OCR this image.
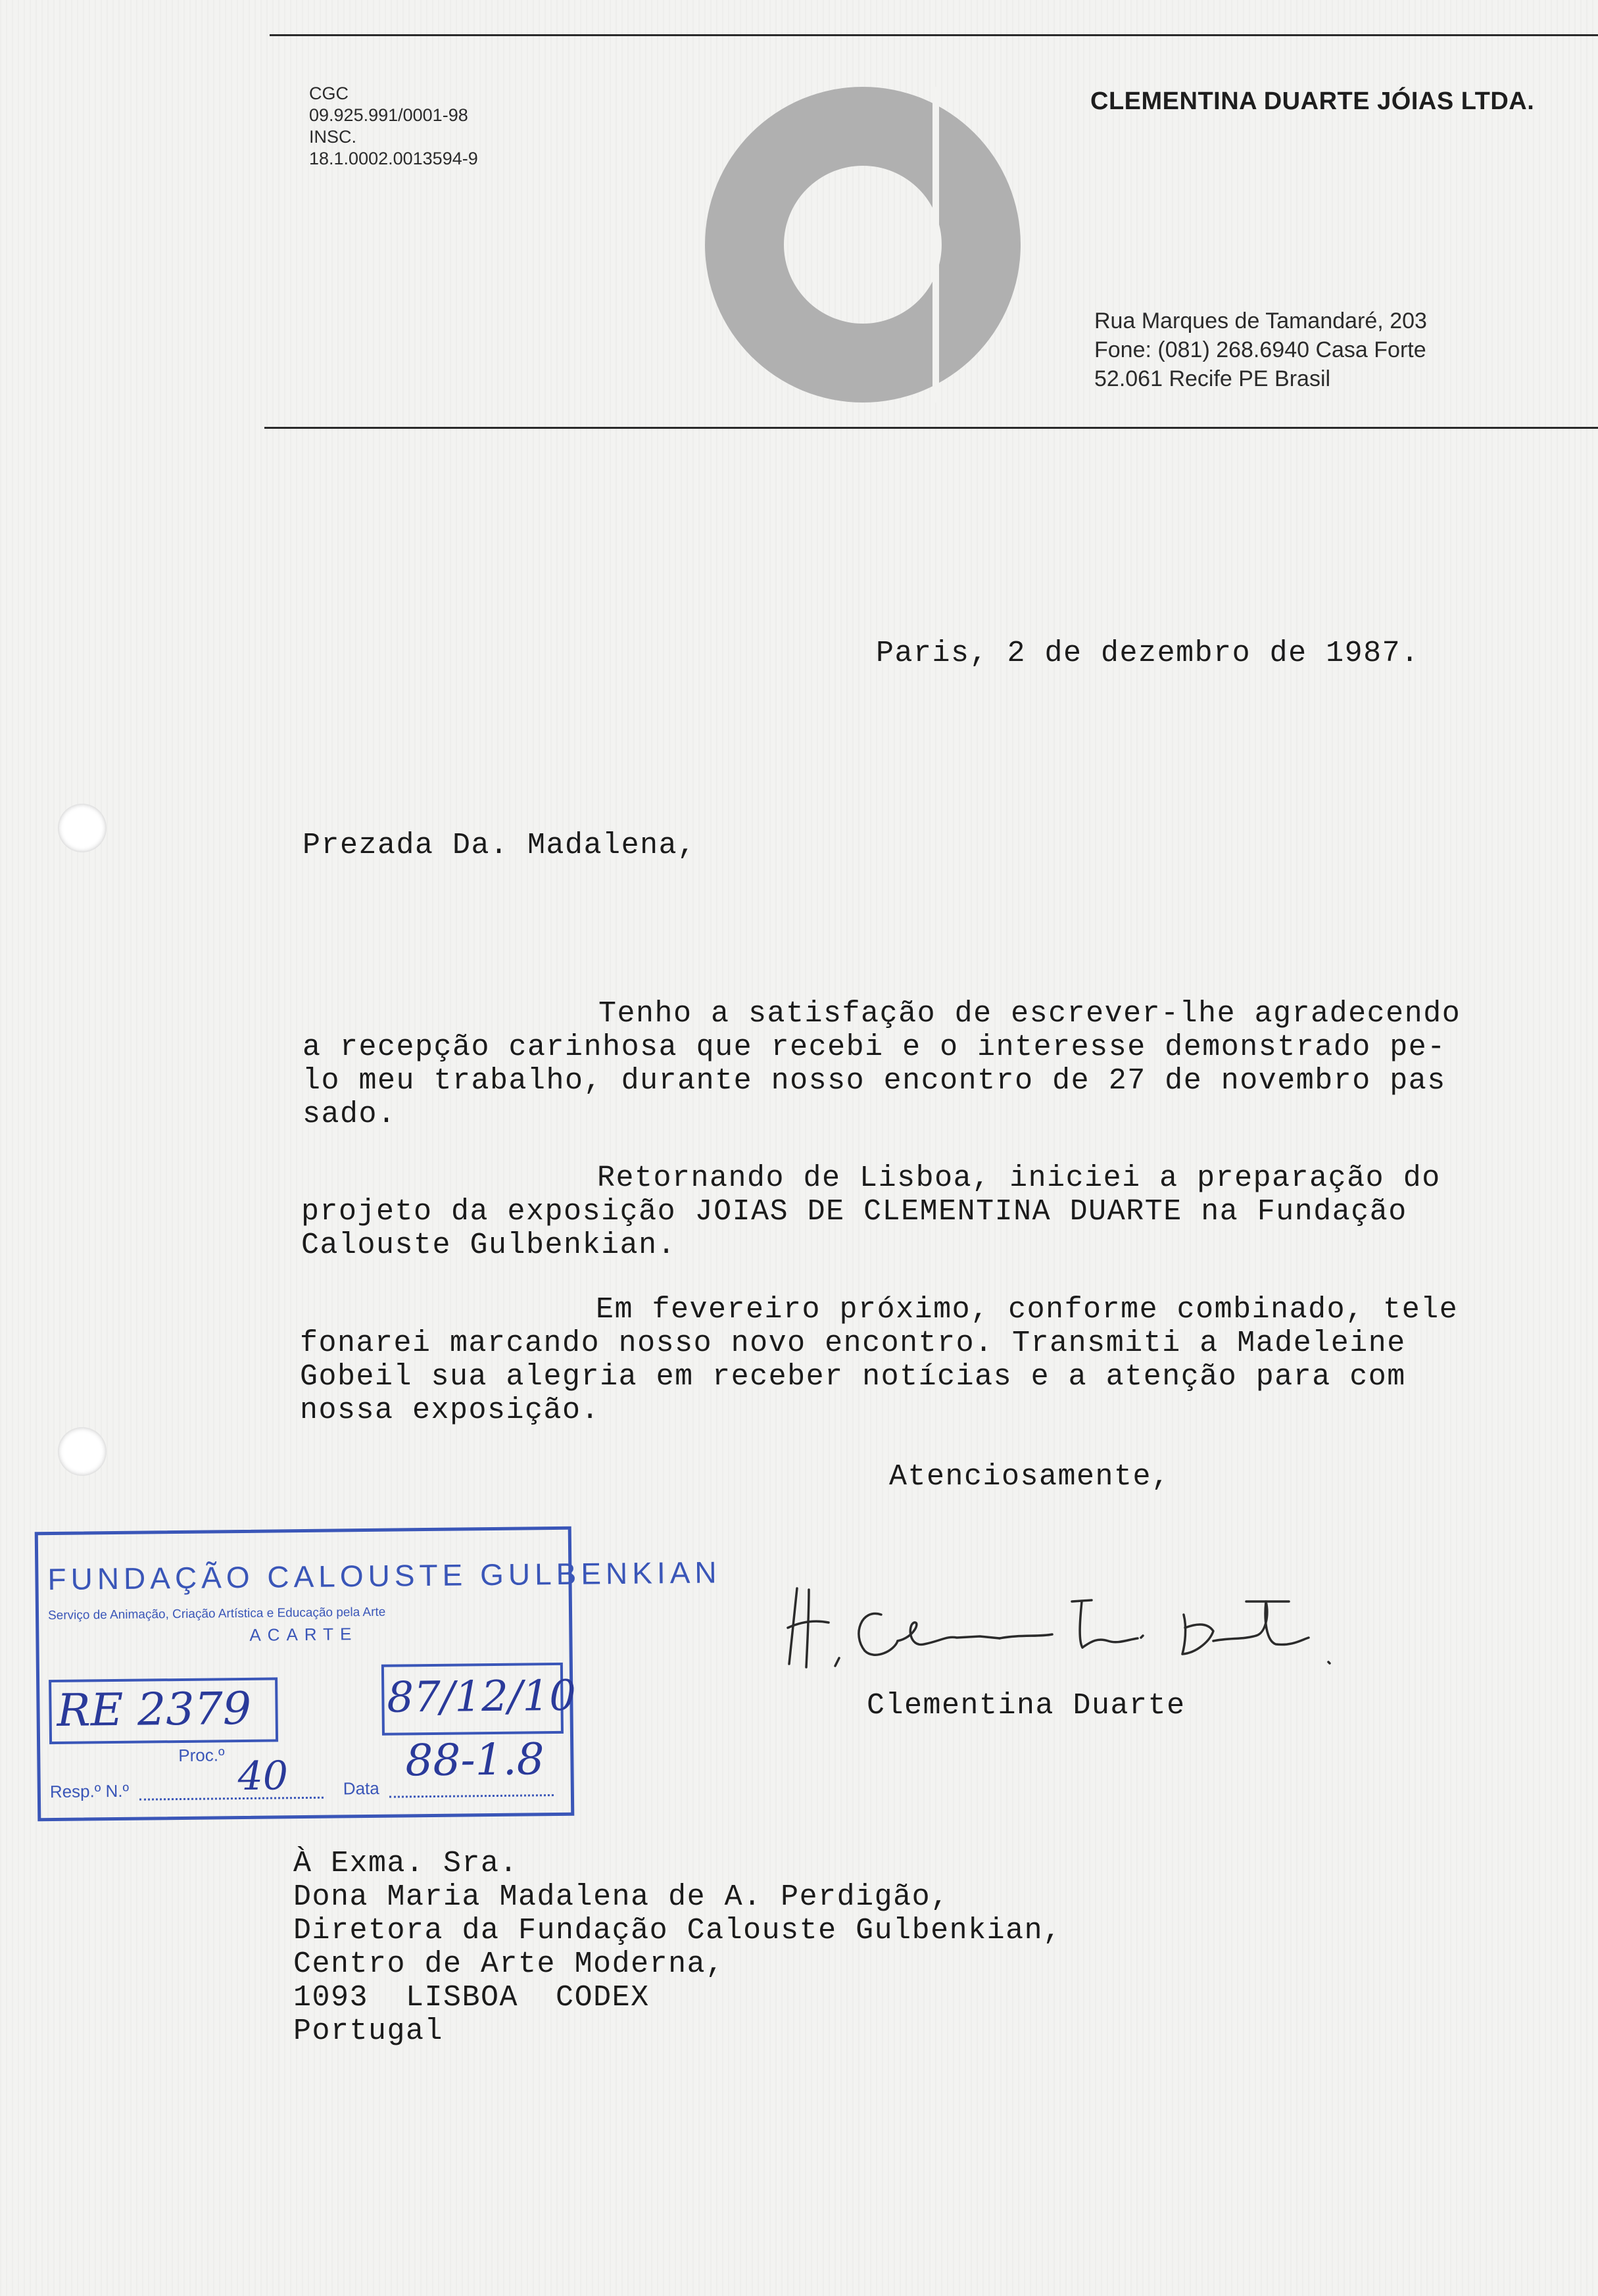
CGC
09.925.991/0001-98
INSC.
18.1.0002.0013594-9
CLEMENTINA DUARTE JÓIAS LTDA.
Rua Marques de Tamandaré, 203
Fone: (081) 268.6940 Casa Forte
52.061 Recife PE Brasil
Paris, 2 de dezembro de 1987.
Prezada Da. Madalena,
Tenho a satisfação de escrever-lhe agradecendo
a recepção carinhosa que recebi e o interesse demonstrado pe-
lo meu trabalho, durante nosso encontro de 27 de novembro pas
sado.
Retornando de Lisboa, iniciei a preparação do
projeto da exposição JOIAS DE CLEMENTINA DUARTE na Fundação
Calouste Gulbenkian.
Em fevereiro próximo, conforme combinado, tele
fonarei marcando nosso novo encontro. Transmiti a Madeleine
Gobeil sua alegria em receber notícias e a atenção para com
nossa exposição.
Atenciosamente,
Clementina Duarte
FUNDAÇÃO CALOUSTE GULBENKIAN
Serviço de Animação, Criação Artística e Educação pela Arte
ACARTE
RE 2379	87/12/10
Proc.º
Resp.º N.º	40	Data
88-1.8
À Exma. Sra.
Dona Maria Madalena de A. Perdigão,
Diretora da Fundação Calouste Gulbenkian,
Centro de Arte Moderna,
1093  LISBOA  CODEX
Portugal
